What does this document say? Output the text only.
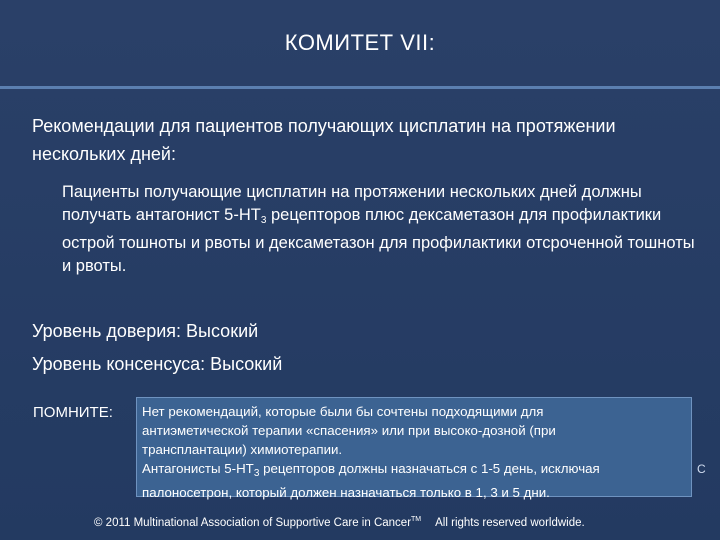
КОМИТЕТ VII:
Рекомендации для пациентов получающих цисплатин на протяжении нескольких дней:
Пациенты получающие цисплатин на протяжении нескольких дней должны получать антагонист $5-НТ_3$ рецепторов плюс дексаметазон для профилактики острой тошноты и рвоты и дексаметазон для профилактики отсроченной тошноты и рвоты.
Уровень доверия: Высокий
Уровень консенсуса: Высокий
ПОМНИТЕ: Нет рекомендаций, которые были бы сочтены подходящими для
антиэметической терапии «спасения» или при высоко-дозной (при
трансплантации) химиотерапии.
Антагонисты $5-НТ_3$ рецепторов должны назначаться с 1-5 день, исключая
палоносетрон, который должен назначаться только в 1, 3 и 5 дни.
C
© 2011 Multinational Association of Supportive Care in Cancer™ All rights reserved worldwide.
